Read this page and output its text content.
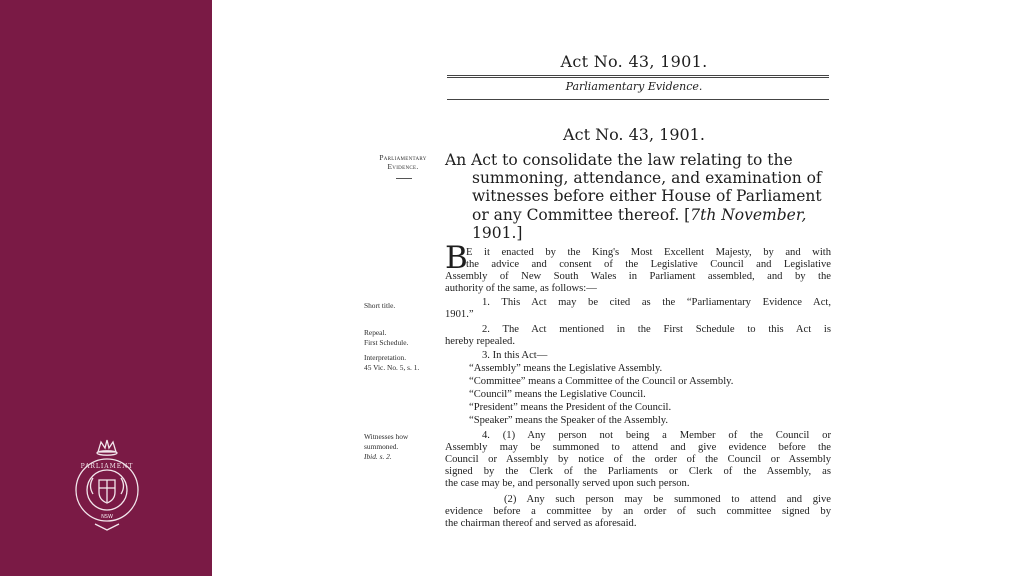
PARLIAMENT
NSW
Act No. 43, 1901.
Parliamentary Evidence.
Act No. 43, 1901.
An Act to consolidate the law relating to the
summoning, attendance, and examination of
witnesses before either House of Parliament
or any Committee thereof. [7th November,
1901.]
Parliamentary Evidence.
Short title.
Repeal.
First Schedule.
Interpretation.
45 Vic. No. 5, s. 1.
Witnesses how summoned.
Ibid. s. 2.
B
E it enacted by the King's Most Excellent Majesty, by and with
the advice and consent of the Legislative Council and Legislative
Assembly of New South Wales in Parliament assembled, and by the
authority of the same, as follows:—
1. This Act may be cited as the “Parliamentary Evidence Act,
1901.”
2. The Act mentioned in the First Schedule to this Act is
hereby repealed.
3. In this Act—
“Assembly” means the Legislative Assembly.
“Committee” means a Committee of the Council or Assembly.
“Council” means the Legislative Council.
“President” means the President of the Council.
“Speaker” means the Speaker of the Assembly.
4. (1) Any person not being a Member of the Council or
Assembly may be summoned to attend and give evidence before the
Council or Assembly by notice of the order of the Council or Assembly
signed by the Clerk of the Parliaments or Clerk of the Assembly, as
the case may be, and personally served upon such person.
(2) Any such person may be summoned to attend and give
evidence before a committee by an order of such committee signed by
the chairman thereof and served as aforesaid.
